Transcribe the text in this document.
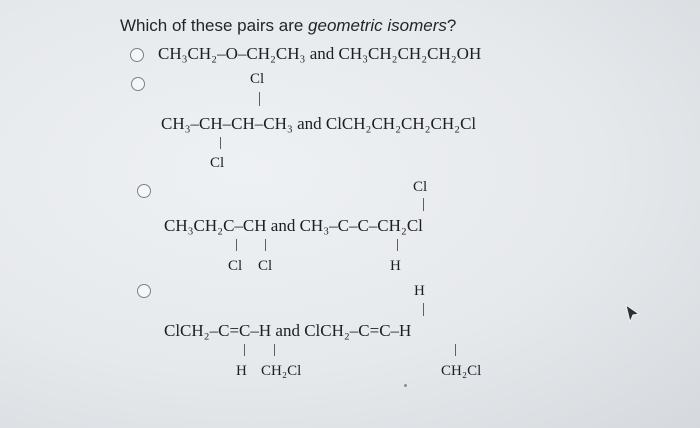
Which of these pairs are geometric isomers?
CH₃CH₂–O–CH₂CH₃ and CH₃CH₂CH₂CH₂OH
Cl
CH₃–CH–CH–CH₃ and ClCH₂CH₂CH₂CH₂Cl
Cl
Cl
CH₃CH₂C–CH and CH₃–C–C–CH₂Cl
Cl Cl	H
H
ClCH₂–C=C–H and ClCH₂–C=C–H
H CH₂Cl	CH₂Cl
